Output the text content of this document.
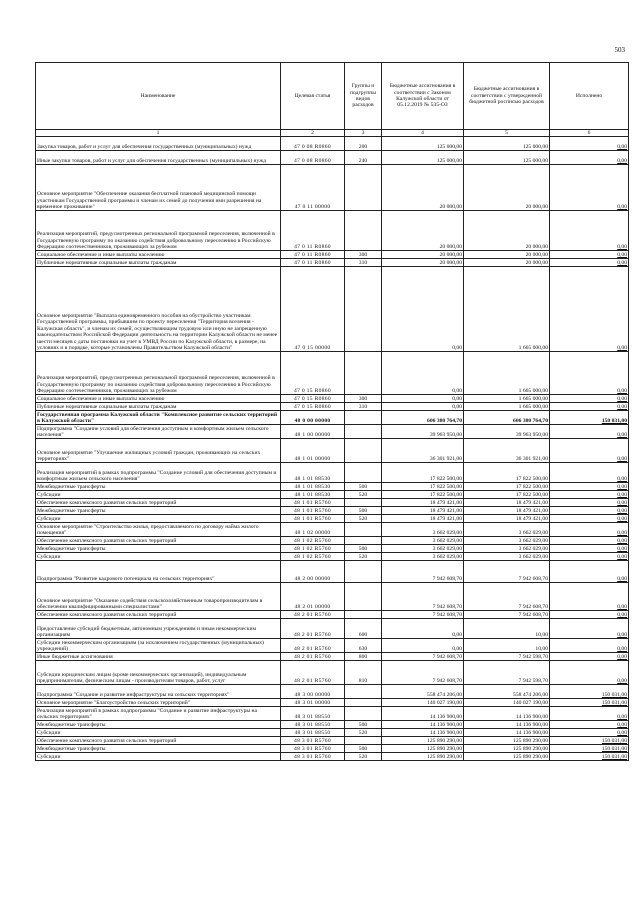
503
Наименование	Целевая статья	Группы и подгруппы видов расходов	Бюджетные ассигнования в соответствии с Законом Калужской области от 05.12.2019 № 535-ОЗ	Бюджетные ассигнования в соответствии с утвержденной бюджетной росписью расходов	Исполнено
1	2	3	4	5	6
Закупка товаров, работ и услуг для обеспечения государственных (муниципальных) нужд	47 0 08 R0860	200	125 000,00	125 000,00	0,00
Иные закупки товаров, работ и услуг для обеспечения государственных (муниципальных) нужд	47 0 08 R0860	240	125 000,00	125 000,00	0,00
Основное мероприятие "Обеспечение оказания бесплатной плановой медицинской помощи участникам Государственной программы и членам их семей до получения ими разрешения на временное проживание"	47 0 11 00000		20 000,00	20 000,00	0,00
Реализация мероприятий, предусмотренных региональной программой переселения, включенной в Государственную программу по оказанию содействия добровольному переселению в Российскую Федерацию соотечественников, проживающих за рубежом	47 0 11 R0860		20 000,00	20 000,00	0,00
Социальное обеспечение и иные выплаты населению	47 0 11 R0860	300	20 000,00	20 000,00	0,00
Публичные нормативные социальные выплаты гражданам	47 0 11 R0860	310	20 000,00	20 000,00	0,00
Основное мероприятие "Выплата единовременного пособия на обустройство участникам Государственной программы, прибывшим по проекту переселения "Территория вселения - Калужская область", и членам их семей, осуществляющим трудовую или иную не запрещенную законодательством Российской Федерации деятельность на территории Калужской области не менее шести месяцев с даты постановки на учет в УМВД России по Калужской области, в размере, на условиях и в порядке, которые установлены Правительством Калужской области"	47 0 15 00000		0,00	1 665 000,00	0,00
Реализация мероприятий, предусмотренных региональной программой переселения, включенной в Государственную программу по оказанию содействия добровольному переселению в Российскую Федерацию соотечественников, проживающих за рубежом	47 0 15 R0860		0,00	1 665 000,00	0,00
Социальное обеспечение и иные выплаты населению	47 0 15 R0860	300	0,00	1 665 000,00	0,00
Публичные нормативные социальные выплаты гражданам	47 0 15 R0860	310	0,00	1 665 000,00	0,00
Государственная программа Калужской области "Комплексное развитие сельских территорий в Калужской области"	48 0 00 00000		606 380 764,70	606 380 764,70	150 031,00
Подпрограмма "Создание условий для обеспечения доступным и комфортным жильем сельского населения"	48 1 00 00000		39 963 950,00	39 963 950,00	0,00
Основное мероприятие "Улучшение жилищных условий граждан, проживающих на сельских территориях"	48 1 01 00000		36 301 921,00	36 301 921,00	0,00
Реализация мероприятий в рамках подпрограммы "Создание условий для обеспечения доступным и комфортным жильем сельского населения"	48 1 01 88530		17 822 500,00	17 822 500,00	0,00
Межбюджетные трансферты	48 1 01 88530	500	17 822 500,00	17 822 500,00	0,00
Субсидии	48 1 01 88530	520	17 822 500,00	17 822 500,00	0,00
Обеспечение комплексного развития сельских территорий	48 1 01 R5760		18 479 421,00	18 479 421,00	0,00
Межбюджетные трансферты	48 1 01 R5760	500	18 479 421,00	18 479 421,00	0,00
Субсидии	48 1 01 R5760	520	18 479 421,00	18 479 421,00	0,00
Основное мероприятие "Строительство жилья, предоставляемого по договору найма жилого помещения"	48 1 02 00000		3 662 029,00	3 662 029,00	0,00
Обеспечение комплексного развития сельских территорий	48 1 02 R5760		3 662 029,00	3 662 029,00	0,00
Межбюджетные трансферты	48 1 02 R5760	500	3 662 029,00	3 662 029,00	0,00
Субсидии	48 1 02 R5760	520	3 662 029,00	3 662 029,00	0,00
Подпрограмма "Развитие кадрового потенциала на сельских территориях"	48 2 00 00000		7 942 608,70	7 942 608,70	0,00
Основное мероприятие "Оказание содействия сельскохозяйственным товаропроизводителям в обеспечении квалифицированными специалистами"	48 2 01 00000		7 942 608,70	7 942 608,70	0,00
Обеспечение комплексного развития сельских территорий	48 2 01 R5760		7 942 608,70	7 942 608,70	0,00
Предоставление субсидий бюджетным, автономным учреждениям и иным некоммерческим организациям	48 2 01 R5760	600	0,00	10,00	0,00
Субсидии некоммерческим организациям (за исключением государственных (муниципальных) учреждений)	48 2 01 R5760	630	0,00	10,00	0,00
Иные бюджетные ассигнования	48 2 01 R5760	800	7 942 608,70	7 942 598,70	0,00
Субсидии юридическим лицам (кроме некоммерческих организаций), индивидуальным предпринимателям, физическим лицам - производителям товаров, работ, услуг	48 2 01 R5760	810	7 942 608,70	7 942 598,70	0,00
Подпрограмма "Создание и развитие инфраструктуры на сельских территориях"	48 3 00 00000		558 474 206,00	558 474 206,00	150 031,00
Основное мероприятие "Благоустройство сельских территорий"	48 3 01 00000		140 027 190,00	140 027 190,00	150 031,00
Реализация мероприятий в рамках подпрограммы "Создание и развитие инфраструктуры на сельских территориях"	48 3 01 88550		14 136 900,00	14 136 900,00	0,00
Межбюджетные трансферты	48 3 01 88550	500	14 136 900,00	14 136 900,00	0,00
Субсидии	48 3 01 88550	520	14 136 900,00	14 136 900,00	0,00
Обеспечение комплексного развития сельских территорий	48 3 01 R5760		125 890 290,00	125 890 290,00	150 031,00
Межбюджетные трансферты	48 3 01 R5760	500	125 890 290,00	125 890 290,00	150 031,00
Субсидии	48 3 01 R5760	520	125 890 290,00	125 890 290,00	150 031,00
